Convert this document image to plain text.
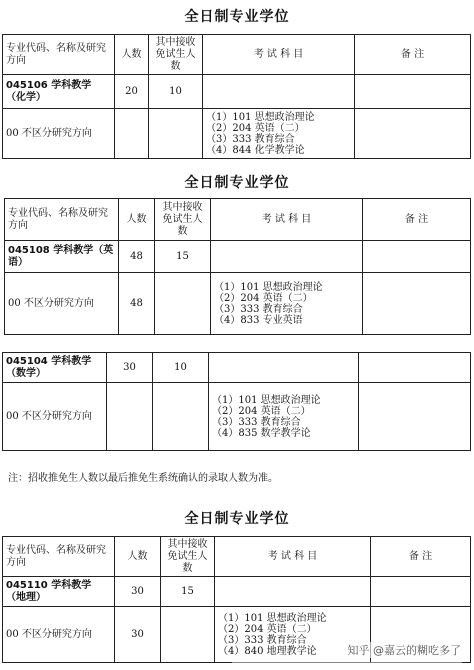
全日制专业学位
专业代码、名称及研究方向	人数	其中接收免试生人数	考 试 科 目	备 注
045106 学科教学（化学）	20	10		
00 不区分研究方向			（1）101 思想政治理论
（2）204 英语（二）
（3）333 教育综合
（4）844 化学教学论	

全日制专业学位
专业代码、名称及研究方向	人数	其中接收免试生人数	考 试 科 目	备 注
045108 学科教学（英语）	48	15		
00 不区分研究方向	48		（1）101 思想政治理论
（2）204 英语（二）
（3）333 教育综合
（4）833 专业英语	

045104 学科教学（数学）	30	10		
00 不区分研究方向			（1）101 思想政治理论
（2）204 英语（二）
（3）333 教育综合
（4）835 数学教学论	

注：招收推免生人数以最后推免生系统确认的录取人数为准。
全日制专业学位
专业代码、名称及研究方向	人数	其中接收免试生人数	考 试 科 目	备 注
045110 学科教学（地理）	30	15		
00 不区分研究方向	30		（1）101 思想政治理论
（2）204 英语（二）
（3）333 教育综合
（4）840 地理教学论	
		知乎 @嘉云的糊吃多了
